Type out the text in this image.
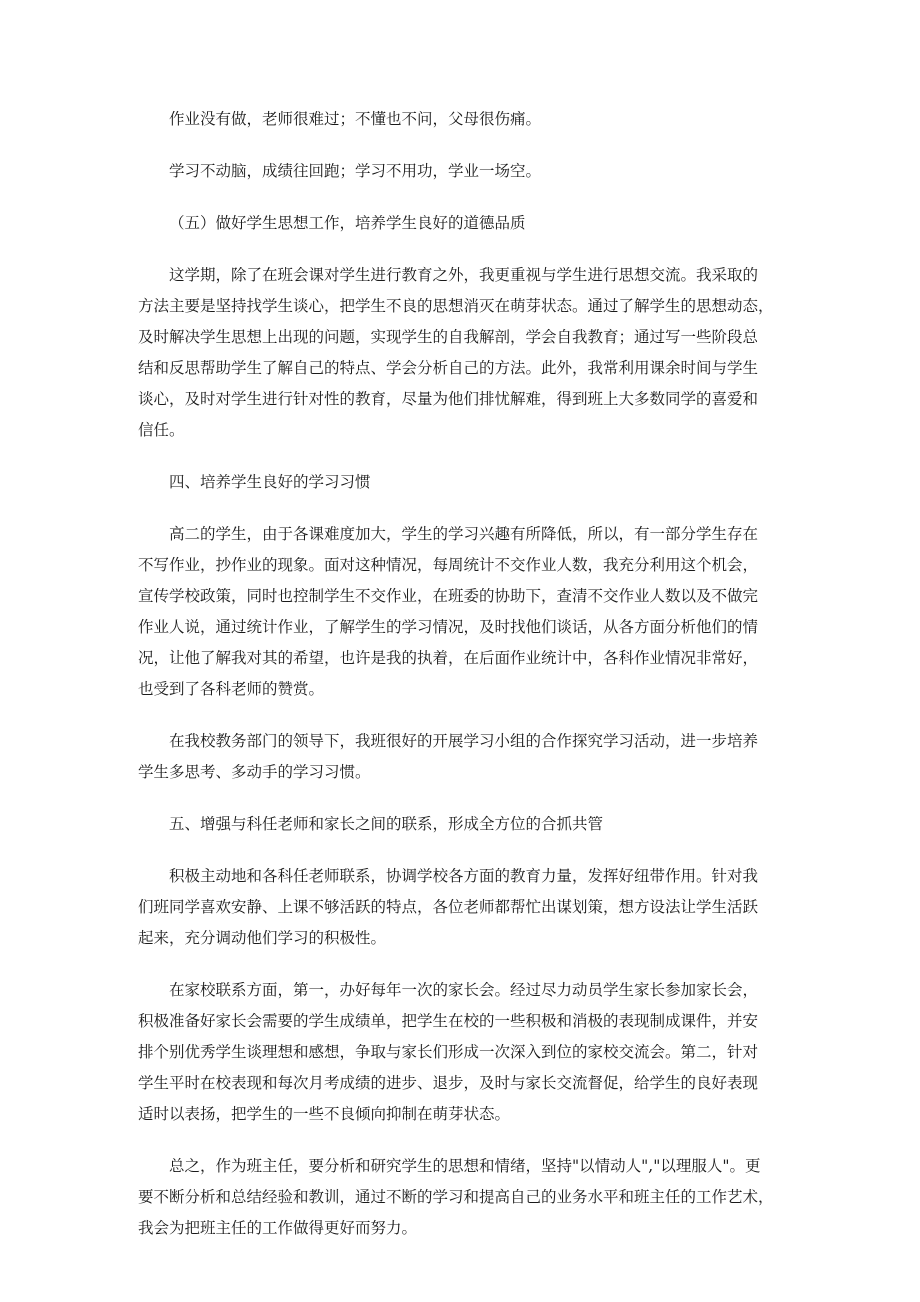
作业没有做，老师很难过；不懂也不问，父母很伤痛。
学习不动脑，成绩往回跑；学习不用功，学业一场空。
（五）做好学生思想工作，培养学生良好的道德品质
这学期，除了在班会课对学生进行教育之外，我更重视与学生进行思想交流。我采取的
方法主要是坚持找学生谈心，把学生不良的思想消灭在萌芽状态。通过了解学生的思想动态，
及时解决学生思想上出现的问题，实现学生的自我解剖，学会自我教育；通过写一些阶段总
结和反思帮助学生了解自己的特点、学会分析自己的方法。此外，我常利用课余时间与学生
谈心，及时对学生进行针对性的教育，尽量为他们排忧解难，得到班上大多数同学的喜爱和
信任。
四、培养学生良好的学习习惯
高二的学生，由于各课难度加大，学生的学习兴趣有所降低，所以，有一部分学生存在
不写作业，抄作业的现象。面对这种情况，每周统计不交作业人数，我充分利用这个机会，
宣传学校政策，同时也控制学生不交作业，在班委的协助下，查清不交作业人数以及不做完
作业人说，通过统计作业，了解学生的学习情况，及时找他们谈话，从各方面分析他们的情
况，让他了解我对其的希望，也许是我的执着，在后面作业统计中，各科作业情况非常好，
也受到了各科老师的赞赏。
在我校教务部门的领导下，我班很好的开展学习小组的合作探究学习活动，进一步培养
学生多思考、多动手的学习习惯。
五、增强与科任老师和家长之间的联系，形成全方位的合抓共管
积极主动地和各科任老师联系，协调学校各方面的教育力量，发挥好纽带作用。针对我
们班同学喜欢安静、上课不够活跃的特点，各位老师都帮忙出谋划策，想方设法让学生活跃
起来，充分调动他们学习的积极性。
在家校联系方面，第一，办好每年一次的家长会。经过尽力动员学生家长参加家长会，
积极准备好家长会需要的学生成绩单，把学生在校的一些积极和消极的表现制成课件，并安
排个别优秀学生谈理想和感想，争取与家长们形成一次深入到位的家校交流会。第二，针对
学生平时在校表现和每次月考成绩的进步、退步，及时与家长交流督促，给学生的良好表现
适时以表扬，把学生的一些不良倾向抑制在萌芽状态。
总之，作为班主任，要分析和研究学生的思想和情绪，坚持"以情动人","以理服人"。更
要不断分析和总结经验和教训，通过不断的学习和提高自己的业务水平和班主任的工作艺术，
我会为把班主任的工作做得更好而努力。
